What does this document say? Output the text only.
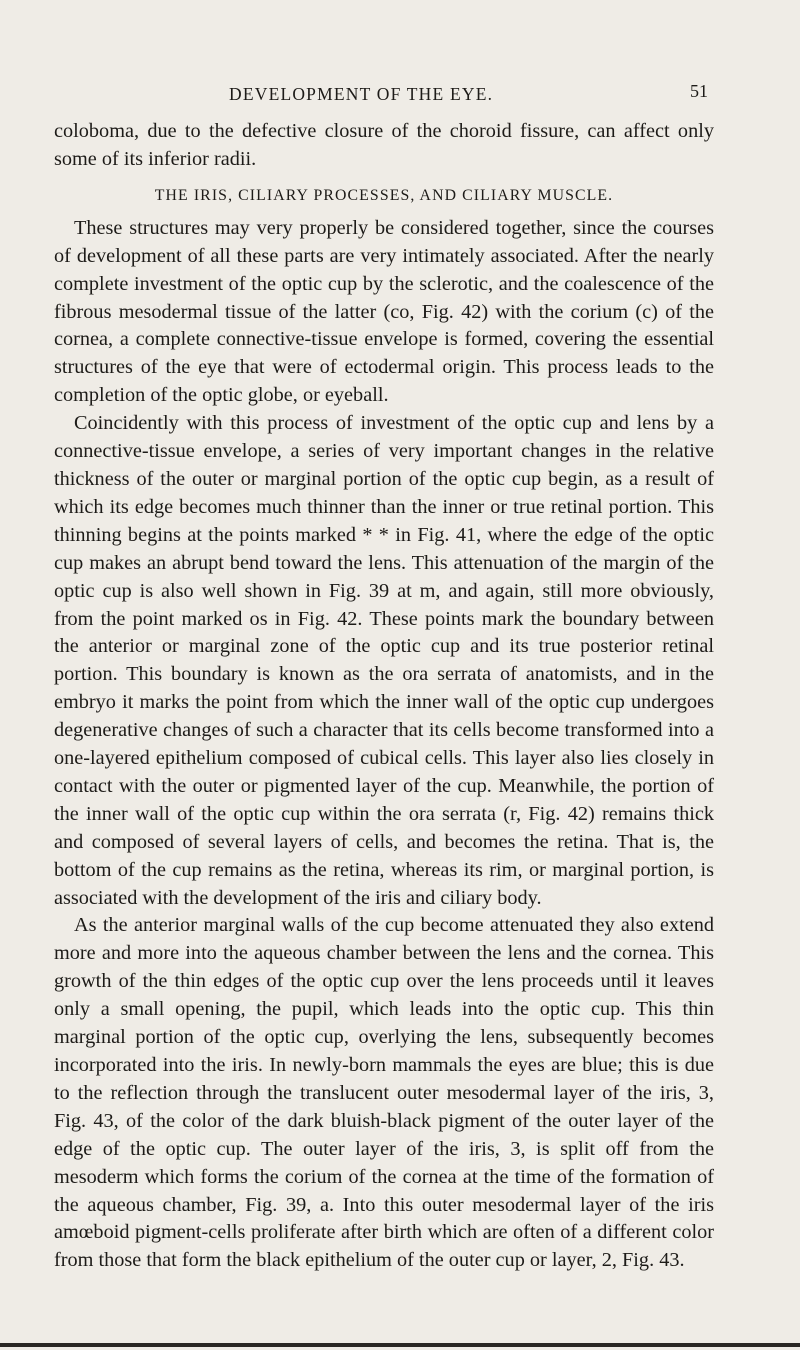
DEVELOPMENT OF THE EYE.	51

coloboma, due to the defective closure of the choroid fissure, can affect only some of its inferior radii.

THE IRIS, CILIARY PROCESSES, AND CILIARY MUSCLE.

These structures may very properly be considered together, since the courses of development of all these parts are very intimately associated. After the nearly complete investment of the optic cup by the sclerotic, and the coalescence of the fibrous mesodermal tissue of the latter (co, Fig. 42) with the corium (c) of the cornea, a complete connective-tissue envelope is formed, covering the essential structures of the eye that were of ectodermal origin. This process leads to the completion of the optic globe, or eyeball.

Coincidently with this process of investment of the optic cup and lens by a connective-tissue envelope, a series of very important changes in the relative thickness of the outer or marginal portion of the optic cup begin, as a result of which its edge becomes much thinner than the inner or true retinal portion. This thinning begins at the points marked * * in Fig. 41, where the edge of the optic cup makes an abrupt bend toward the lens. This attenuation of the margin of the optic cup is also well shown in Fig. 39 at m, and again, still more obviously, from the point marked os in Fig. 42. These points mark the boundary between the anterior or marginal zone of the optic cup and its true posterior retinal portion. This boundary is known as the ora serrata of anatomists, and in the embryo it marks the point from which the inner wall of the optic cup undergoes degenerative changes of such a character that its cells become transformed into a one-layered epithelium composed of cubical cells. This layer also lies closely in contact with the outer or pigmented layer of the cup. Meanwhile, the portion of the inner wall of the optic cup within the ora serrata (r, Fig. 42) remains thick and composed of several layers of cells, and becomes the retina. That is, the bottom of the cup remains as the retina, whereas its rim, or marginal portion, is associated with the development of the iris and ciliary body.

As the anterior marginal walls of the cup become attenuated they also extend more and more into the aqueous chamber between the lens and the cornea. This growth of the thin edges of the optic cup over the lens proceeds until it leaves only a small opening, the pupil, which leads into the optic cup. This thin marginal portion of the optic cup, overlying the lens, subsequently becomes incorporated into the iris. In newly-born mammals the eyes are blue; this is due to the reflection through the translucent outer mesodermal layer of the iris, 3, Fig. 43, of the color of the dark bluish-black pigment of the outer layer of the edge of the optic cup. The outer layer of the iris, 3, is split off from the mesoderm which forms the corium of the cornea at the time of the formation of the aqueous chamber, Fig. 39, a. Into this outer mesodermal layer of the iris amœboid pigment-cells proliferate after birth which are often of a different color from those that form the black epithelium of the outer cup or layer, 2, Fig. 43.
